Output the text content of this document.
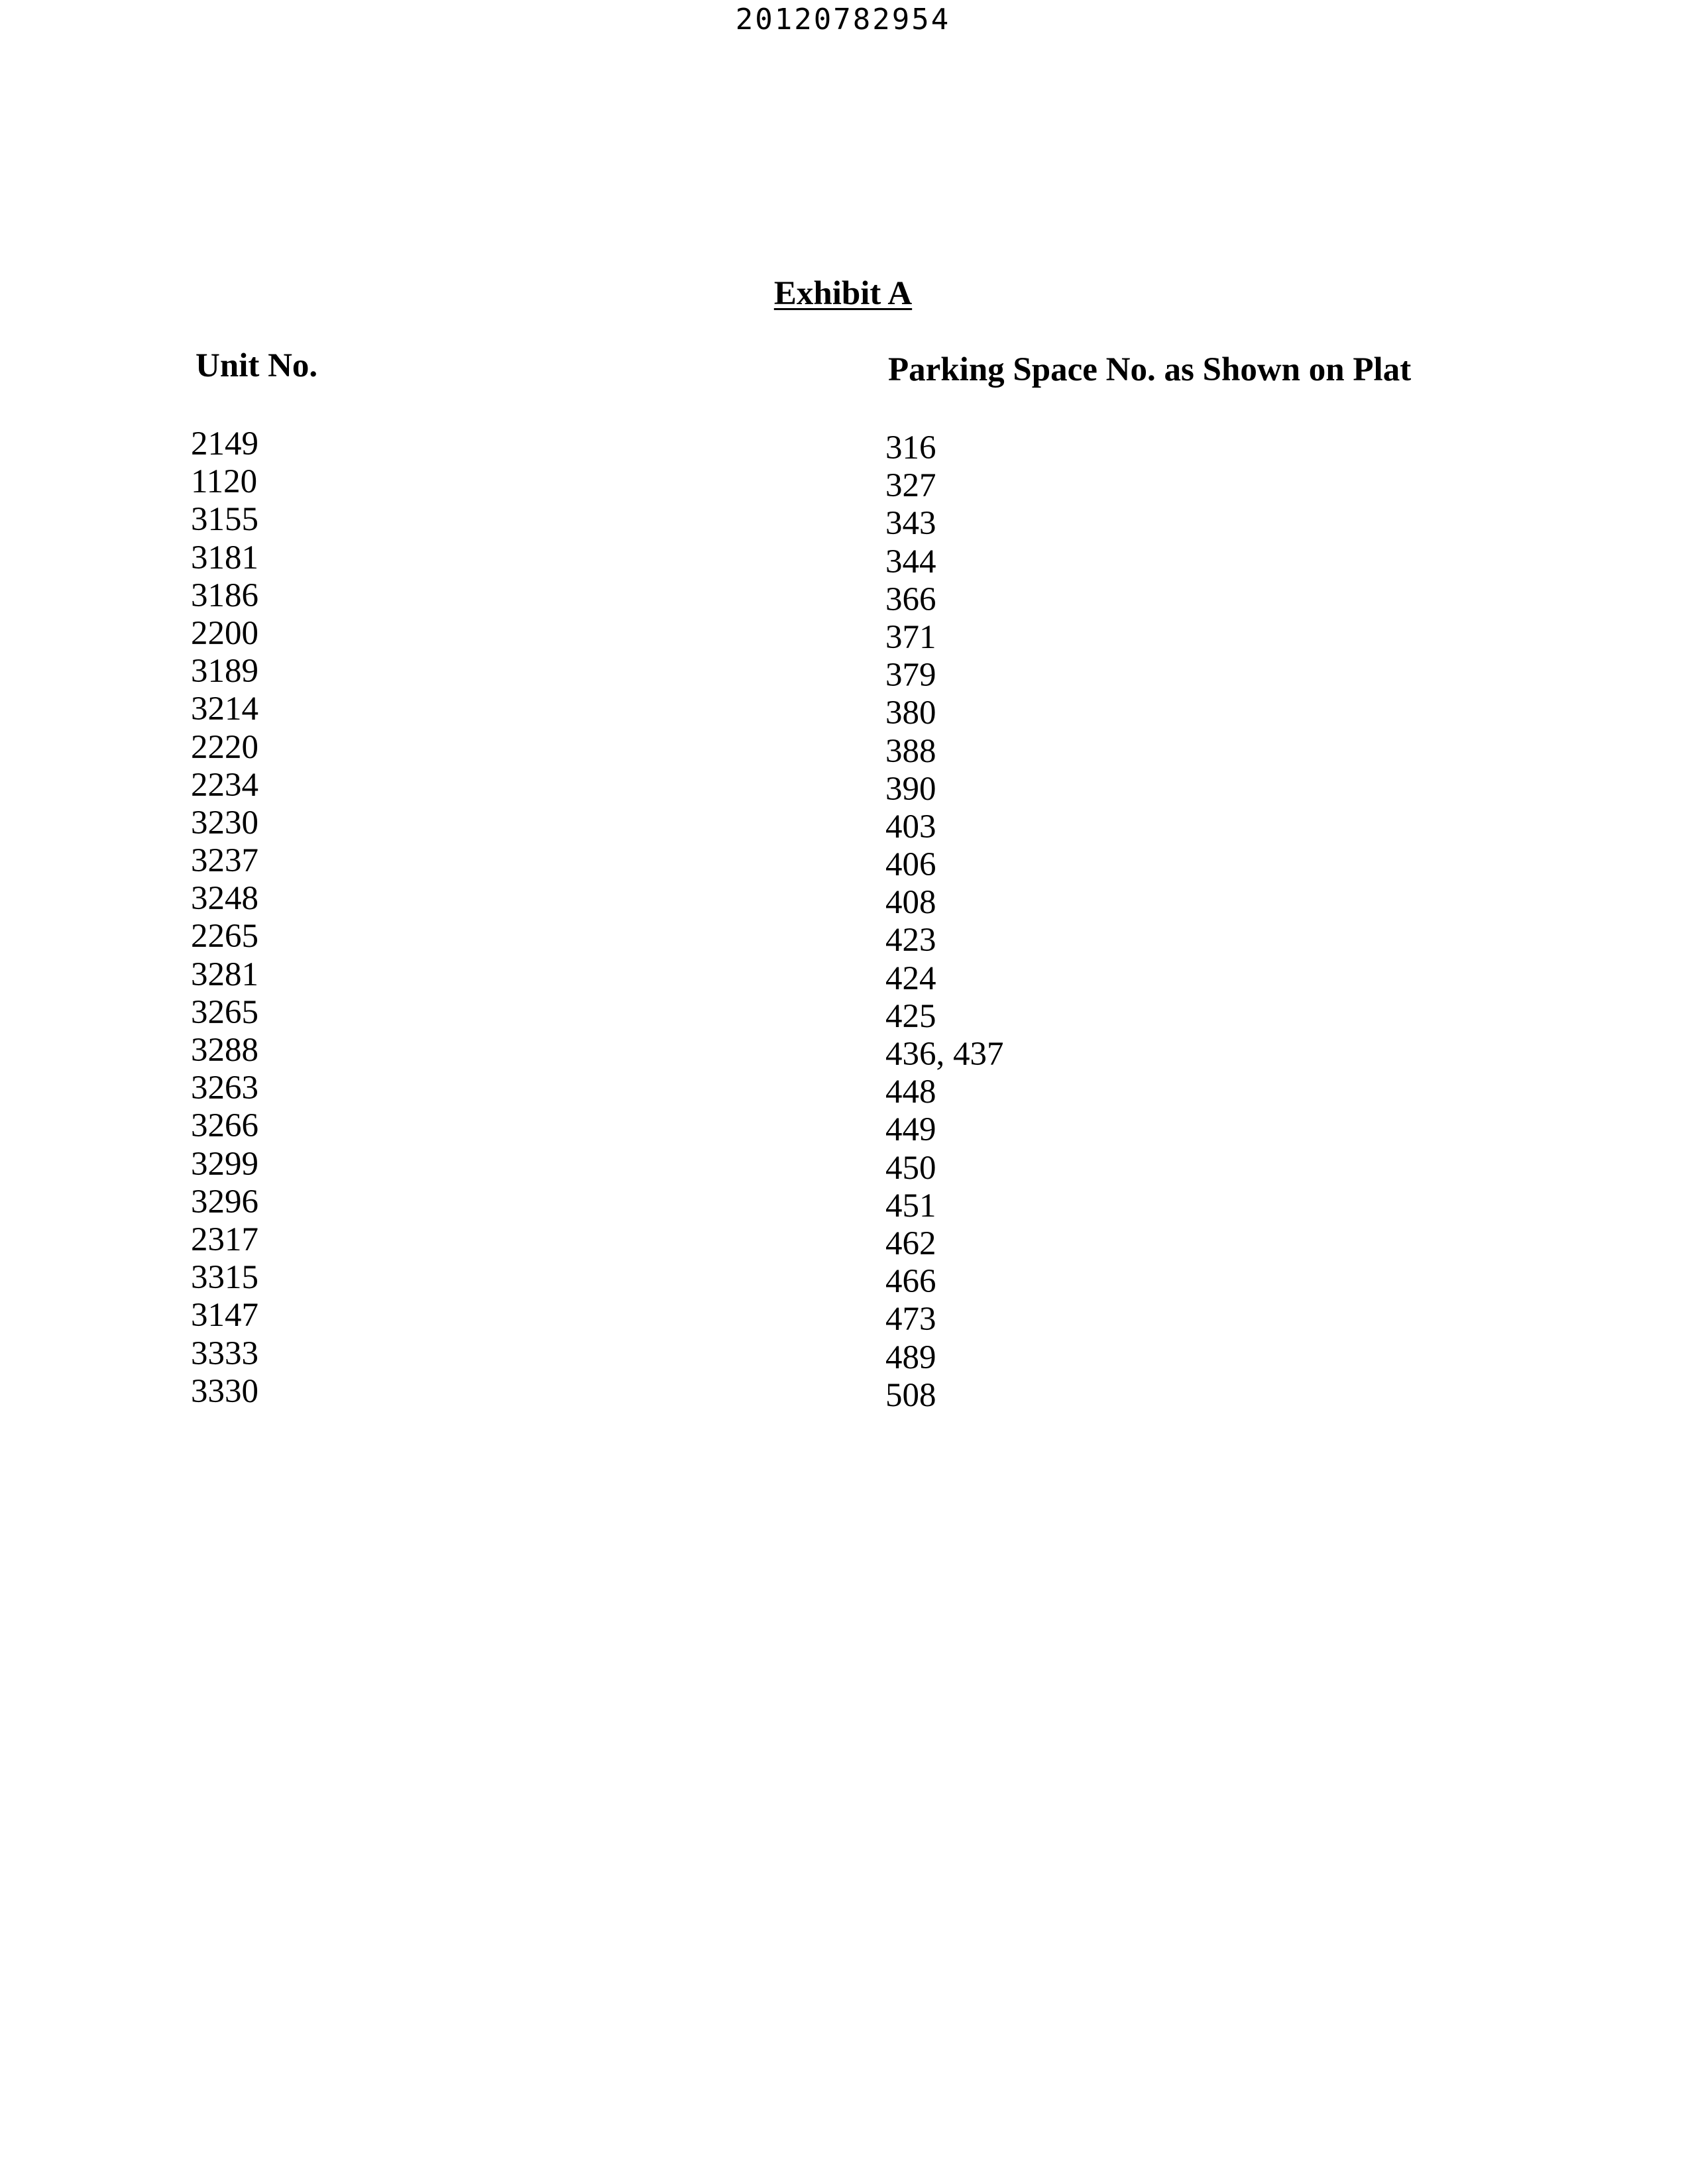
20120782954
Exhibit A
Unit No.	Parking Space No. as Shown on Plat
2149
1120
3155
3181
3186
2200
3189
3214
2220
2234
3230
3237
3248
2265
3281
3265
3288
3263
3266
3299
3296
2317
3315
3147
3333
3330
316
327
343
344
366
371
379
380
388
390
403
406
408
423
424
425
436, 437
448
449
450
451
462
466
473
489
508
